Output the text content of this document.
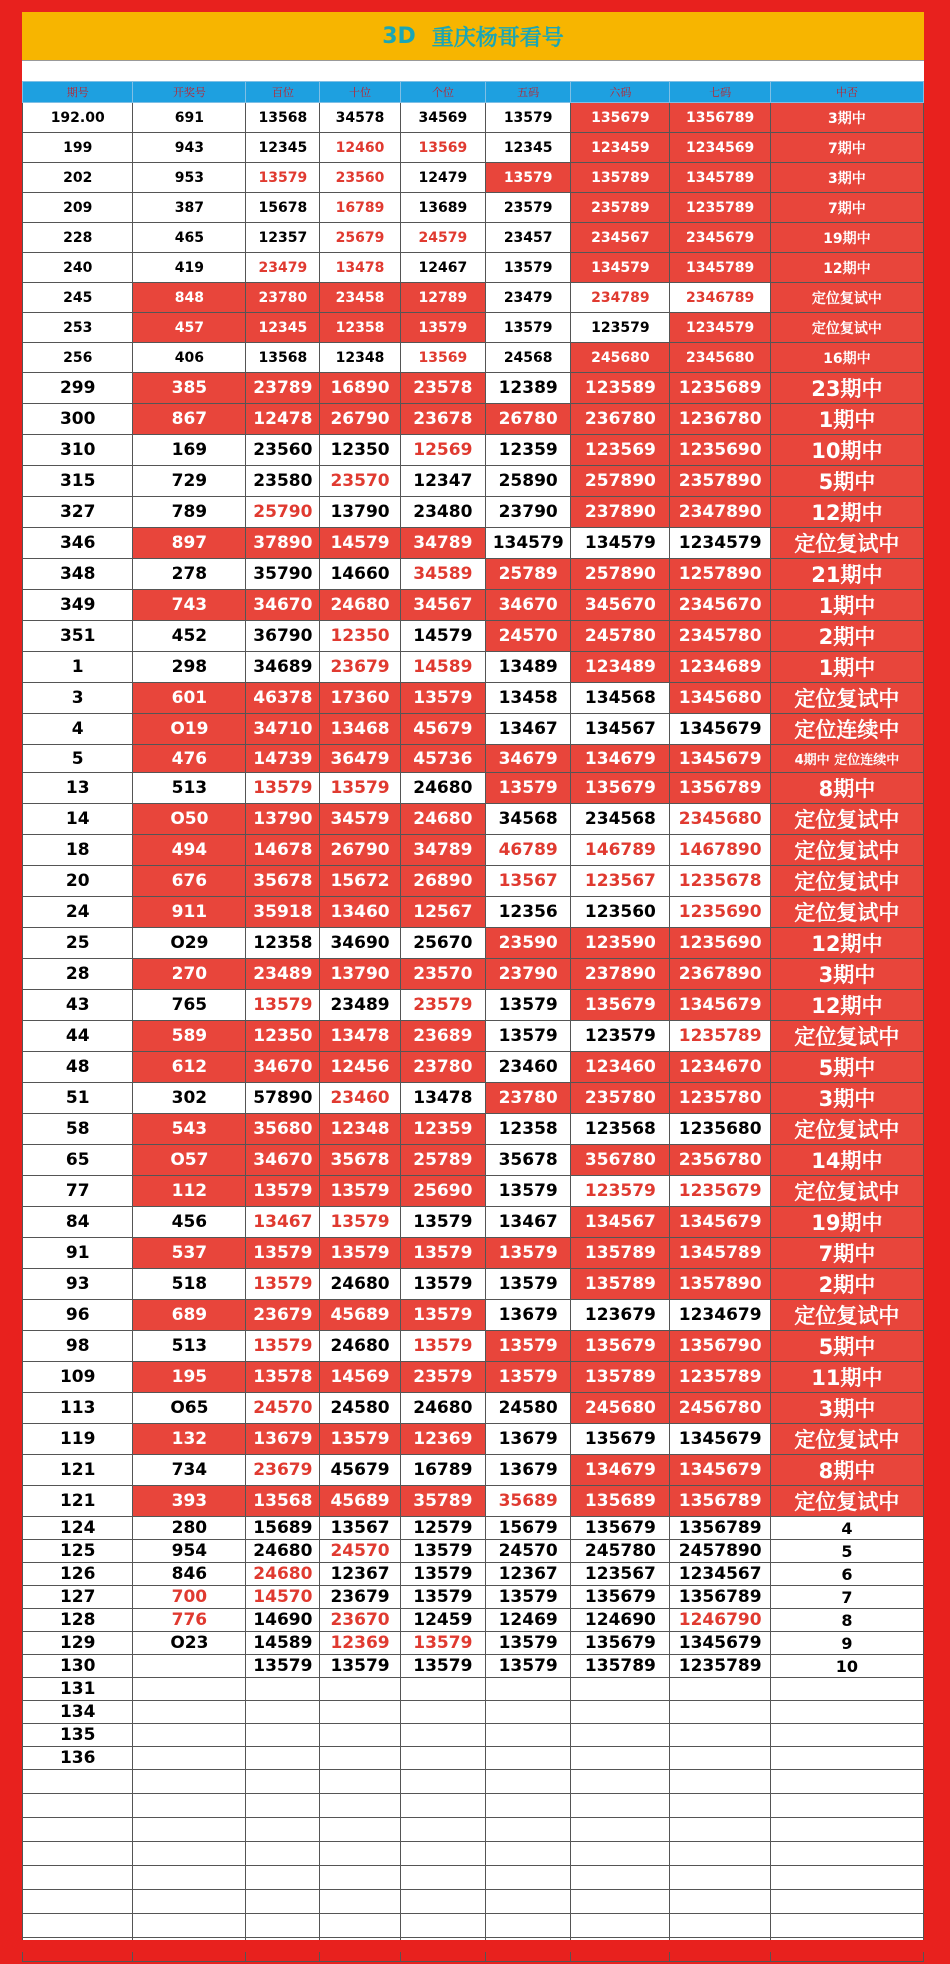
3D 重庆杨哥看号
期号	开奖号	百位	十位	个位	五码	六码	七码	中否
192.00	691	13568	34578	34569	13579	135679	1356789	3期中
199	943	12345	12460	13569	12345	123459	1234569	7期中
202	953	13579	23560	12479	13579	135789	1345789	3期中
209	387	15678	16789	13689	23579	235789	1235789	7期中
228	465	12357	25679	24579	23457	234567	2345679	19期中
240	419	23479	13478	12467	13579	134579	1345789	12期中
245	848	23780	23458	12789	23479	234789	2346789	定位复试中
253	457	12345	12358	13579	13579	123579	1234579	定位复试中
256	406	13568	12348	13569	24568	245680	2345680	16期中
299	385	23789	16890	23578	12389	123589	1235689	23期中
300	867	12478	26790	23678	26780	236780	1236780	1期中
310	169	23560	12350	12569	12359	123569	1235690	10期中
315	729	23580	23570	12347	25890	257890	2357890	5期中
327	789	25790	13790	23480	23790	237890	2347890	12期中
346	897	37890	14579	34789	134579	134579	1234579	定位复试中
348	278	35790	14660	34589	25789	257890	1257890	21期中
349	743	34670	24680	34567	34670	345670	2345670	1期中
351	452	36790	12350	14579	24570	245780	2345780	2期中
1	298	34689	23679	14589	13489	123489	1234689	1期中
3	601	46378	17360	13579	13458	134568	1345680	定位复试中
4	O19	34710	13468	45679	13467	134567	1345679	定位连续中
5	476	14739	36479	45736	34679	134679	1345679	4期中 定位连续中
13	513	13579	13579	24680	13579	135679	1356789	8期中
14	O50	13790	34579	24680	34568	234568	2345680	定位复试中
18	494	14678	26790	34789	46789	146789	1467890	定位复试中
20	676	35678	15672	26890	13567	123567	1235678	定位复试中
24	911	35918	13460	12567	12356	123560	1235690	定位复试中
25	O29	12358	34690	25670	23590	123590	1235690	12期中
28	270	23489	13790	23570	23790	237890	2367890	3期中
43	765	13579	23489	23579	13579	135679	1345679	12期中
44	589	12350	13478	23689	13579	123579	1235789	定位复试中
48	612	34670	12456	23780	23460	123460	1234670	5期中
51	302	57890	23460	13478	23780	235780	1235780	3期中
58	543	35680	12348	12359	12358	123568	1235680	定位复试中
65	O57	34670	35678	25789	35678	356780	2356780	14期中
77	112	13579	13579	25690	13579	123579	1235679	定位复试中
84	456	13467	13579	13579	13467	134567	1345679	19期中
91	537	13579	13579	13579	13579	135789	1345789	7期中
93	518	13579	24680	13579	13579	135789	1357890	2期中
96	689	23679	45689	13579	13679	123679	1234679	定位复试中
98	513	13579	24680	13579	13579	135679	1356790	5期中
109	195	13578	14569	23579	13579	135789	1235789	11期中
113	O65	24570	24580	24680	24580	245680	2456780	3期中
119	132	13679	13579	12369	13679	135679	1345679	定位复试中
121	734	23679	45679	16789	13679	134679	1345679	8期中
121	393	13568	45689	35789	35689	135689	1356789	定位复试中
124	280	15689	13567	12579	15679	135679	1356789	4
125	954	24680	24570	13579	24570	245780	2457890	5
126	846	24680	12367	13579	12367	123567	1234567	6
127	700	14570	23679	13579	13579	135679	1356789	7
128	776	14690	23670	12459	12469	124690	1246790	8
129	O23	14589	12369	13579	13579	135679	1345679	9
130		13579	13579	13579	13579	135789	1235789	10
131								
134								
135								
136								
